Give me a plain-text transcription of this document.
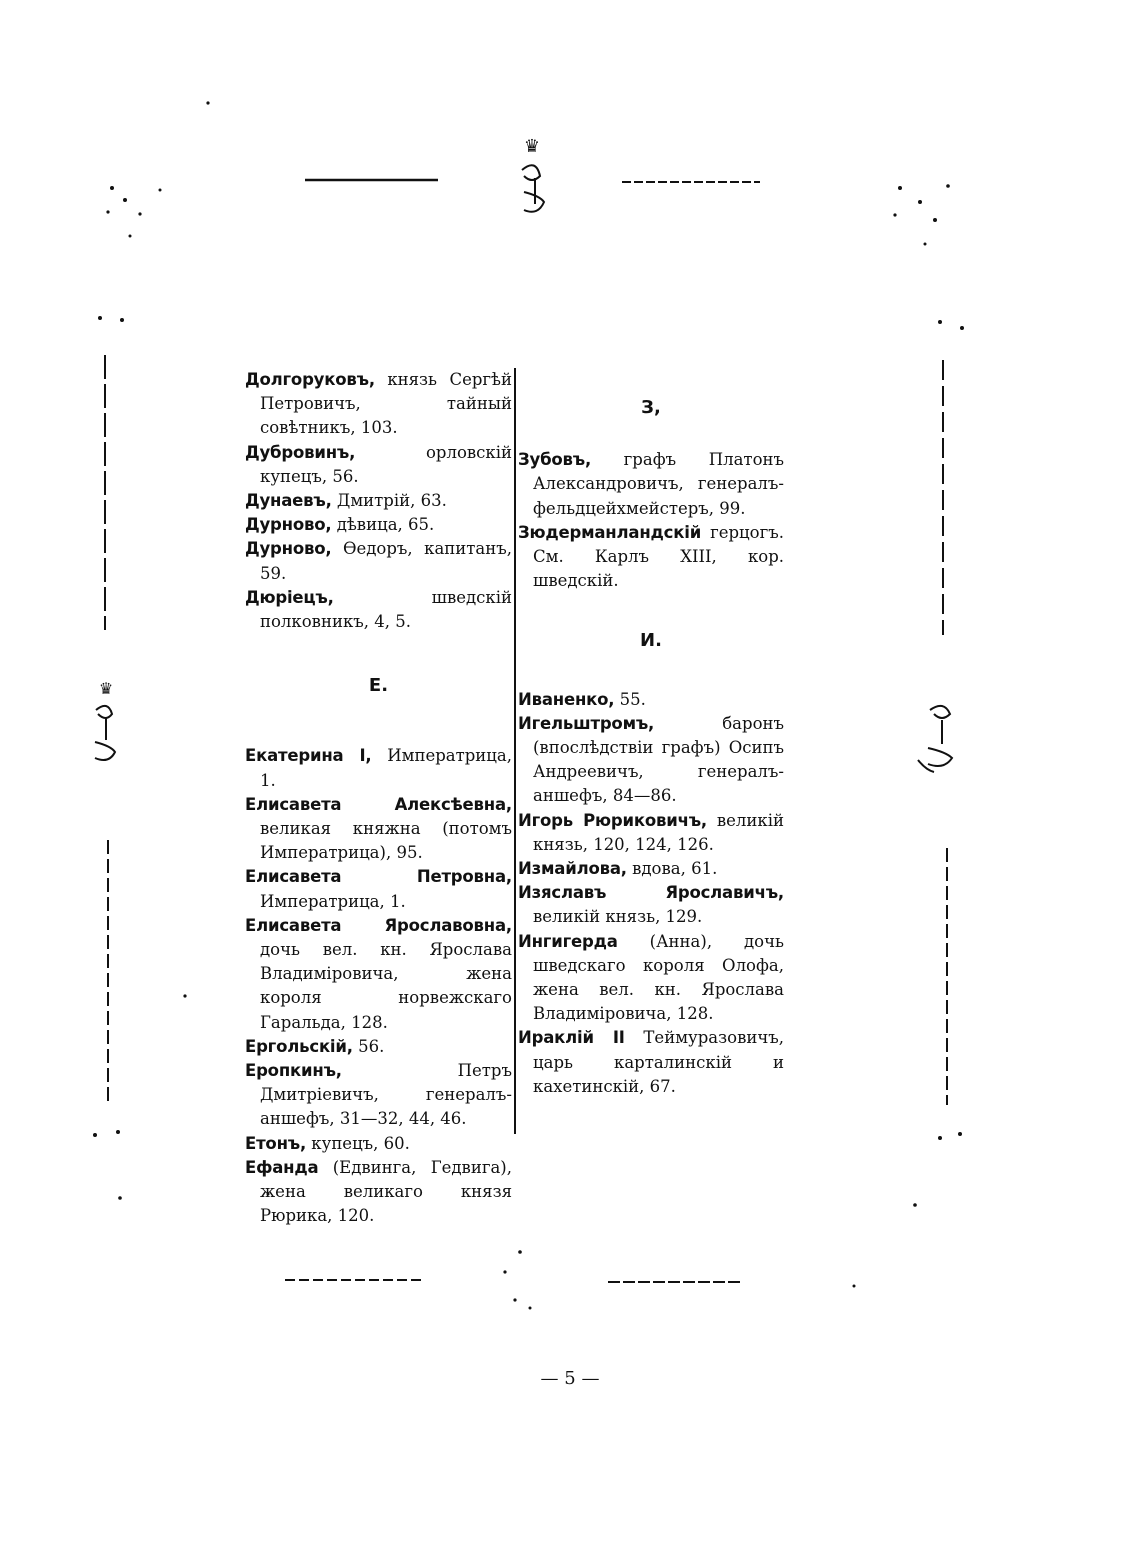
♛
♛

Долгоруковъ, князь Сергѣй Петровичъ, тайный совѣтникъ, 103.

Дубровинъ, орловскій купецъ, 56.

Дунаевъ, Дмитрій, 63.

Дурново, дѣвица, 65.

Дурново, Ѳедоръ, капитанъ, 59.

Дюріецъ, шведскій полковникъ, 4, 5.

Е.

Екатерина I, Императрица, 1.

Елисавета Алексѣевна, великая княжна (потомъ Императрица), 95.

Елисавета Петровна, Императрица, 1.

Елисавета Ярославовна, дочь вел. кн. Ярослава Владиміровича, жена короля норвежскаго Гаральда, 128.

Ергольскій, 56.

Еропкинъ, Петръ Дмитріевичъ, генералъ-аншефъ, 31—32, 44, 46.

Етонъ, купецъ, 60.

Ефанда (Едвинга, Гедвига), жена великаго князя Рюрика, 120.

З,

Зубовъ, графъ Платонъ Александровичъ, генералъ-фельдцейхмейстеръ, 99.

Зюдерманландскій герцогъ. См. Карлъ XIII, кор. шведскій.

И.

Иваненко, 55.

Игельштромъ, баронъ (впослѣдствіи графъ) Осипъ Андреевичъ, генералъ-аншефъ, 84—86.

Игорь Рюриковичъ, великій князь, 120, 124, 126.

Измайлова, вдова, 61.

Изяславъ Ярославичъ, великій князь, 129.

Ингигерда (Анна), дочь шведскаго короля Олофа, жена вел. кн. Ярослава Владиміровича, 128.

Ираклій II Теймуразовичъ, царь карталинскій и кахетинскій, 67.

— 5 —
